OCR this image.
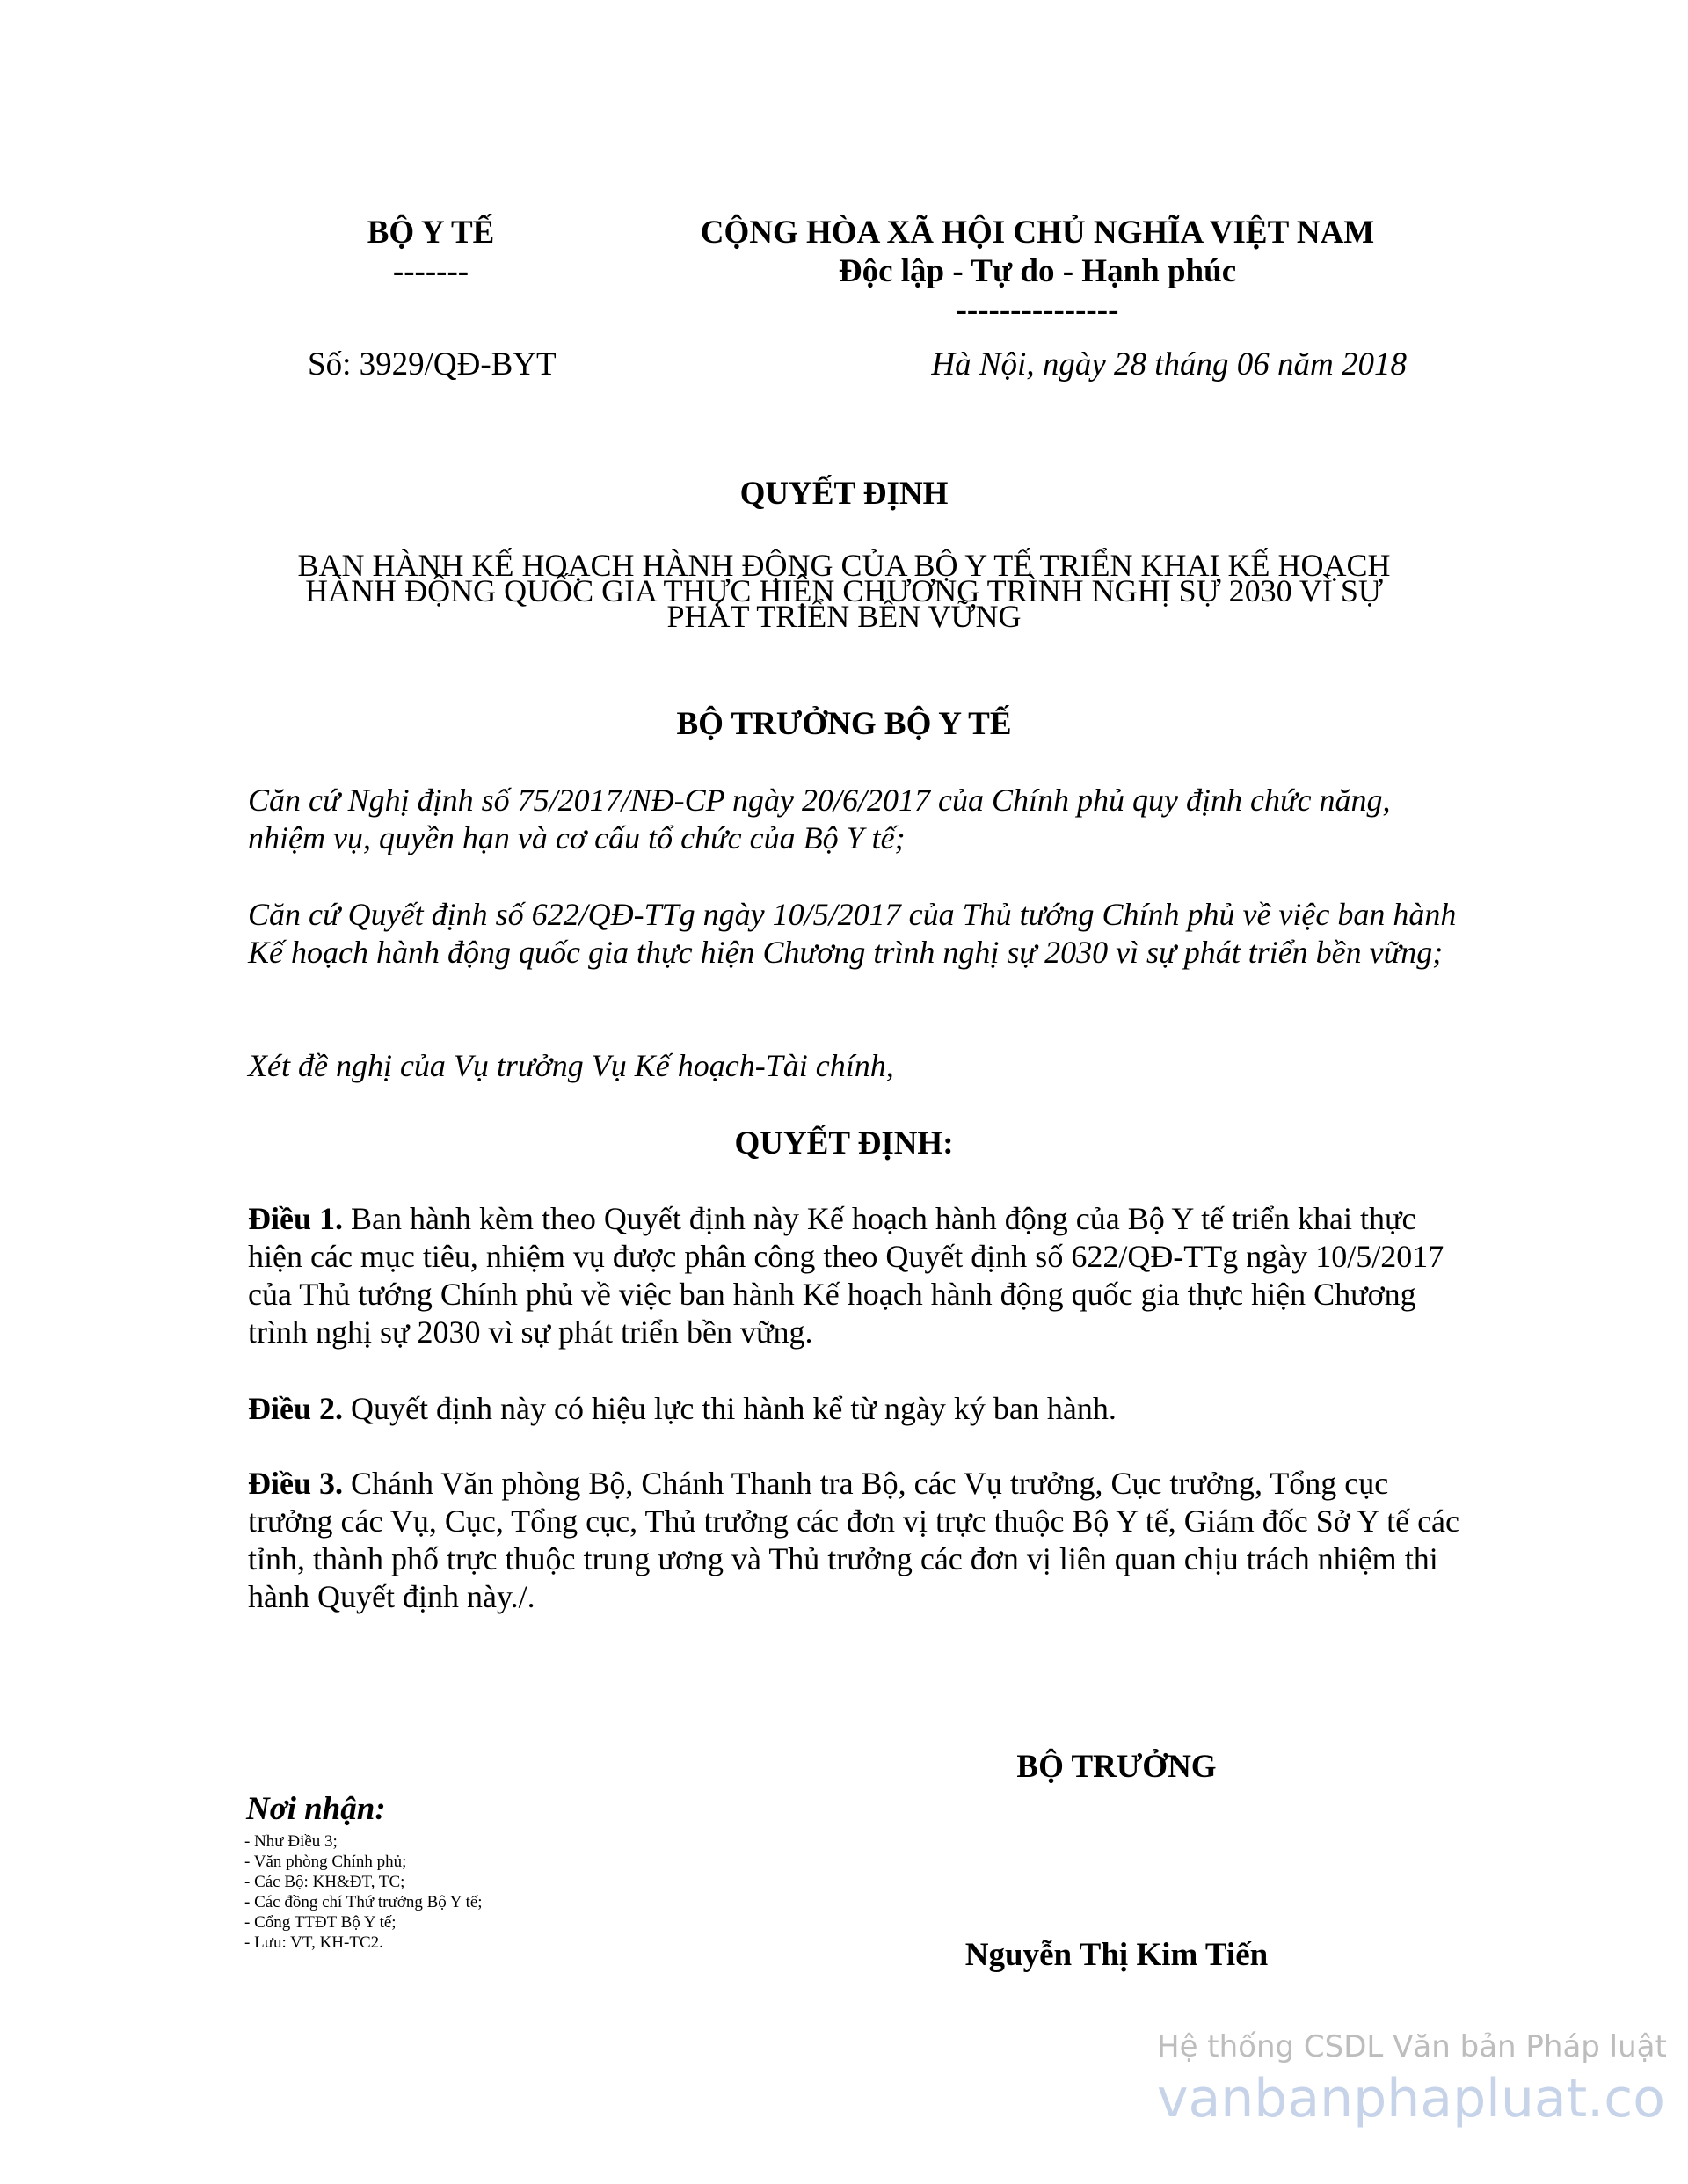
BỘ Y TẾ
-------
CỘNG HÒA XÃ HỘI CHỦ NGHĨA VIỆT NAM
Độc lập - Tự do - Hạnh phúc
---------------
Số: 3929/QĐ-BYT	Hà Nội, ngày 28 tháng 06 năm 2018
QUYẾT ĐỊNH
BAN HÀNH KẾ HOẠCH HÀNH ĐỘNG CỦA BỘ Y TẾ TRIỂN KHAI KẾ HOẠCH
HÀNH ĐỘNG QUỐC GIA THỰC HIỆN CHƯƠNG TRÌNH NGHỊ SỰ 2030 VÌ SỰ
PHÁT TRIỂN BỀN VỮNG
BỘ TRƯỞNG BỘ Y TẾ
Căn cứ Nghị định số 75/2017/NĐ-CP ngày 20/6/2017 của Chính phủ quy định chức năng, nhiệm vụ, quyền hạn và cơ cấu tổ chức của Bộ Y tế;
Căn cứ Quyết định số 622/QĐ-TTg ngày 10/5/2017 của Thủ tướng Chính phủ về việc ban hành Kế hoạch hành động quốc gia thực hiện Chương trình nghị sự 2030 vì sự phát triển bền vững;
Xét đề nghị của Vụ trưởng Vụ Kế hoạch-Tài chính,
QUYẾT ĐỊNH:
Điều 1. Ban hành kèm theo Quyết định này Kế hoạch hành động của Bộ Y tế triển khai thực hiện các mục tiêu, nhiệm vụ được phân công theo Quyết định số 622/QĐ-TTg ngày 10/5/2017 của Thủ tướng Chính phủ về việc ban hành Kế hoạch hành động quốc gia thực hiện Chương trình nghị sự 2030 vì sự phát triển bền vững.
Điều 2. Quyết định này có hiệu lực thi hành kể từ ngày ký ban hành.
Điều 3. Chánh Văn phòng Bộ, Chánh Thanh tra Bộ, các Vụ trưởng, Cục trưởng, Tổng cục trưởng các Vụ, Cục, Tổng cục, Thủ trưởng các đơn vị trực thuộc Bộ Y tế, Giám đốc Sở Y tế các tỉnh, thành phố trực thuộc trung ương và Thủ trưởng các đơn vị liên quan chịu trách nhiệm thi hành Quyết định này./.
BỘ TRƯỞNG
Nguyễn Thị Kim Tiến
Nơi nhận:
- Như Điều 3;
- Văn phòng Chính phủ;
- Các Bộ: KH&ĐT, TC;
- Các đồng chí Thứ trưởng Bộ Y tế;
- Cổng TTĐT Bộ Y tế;
- Lưu: VT, KH-TC2.
Hệ thống CSDL Văn bản Pháp luật
vanbanphapluat.co
